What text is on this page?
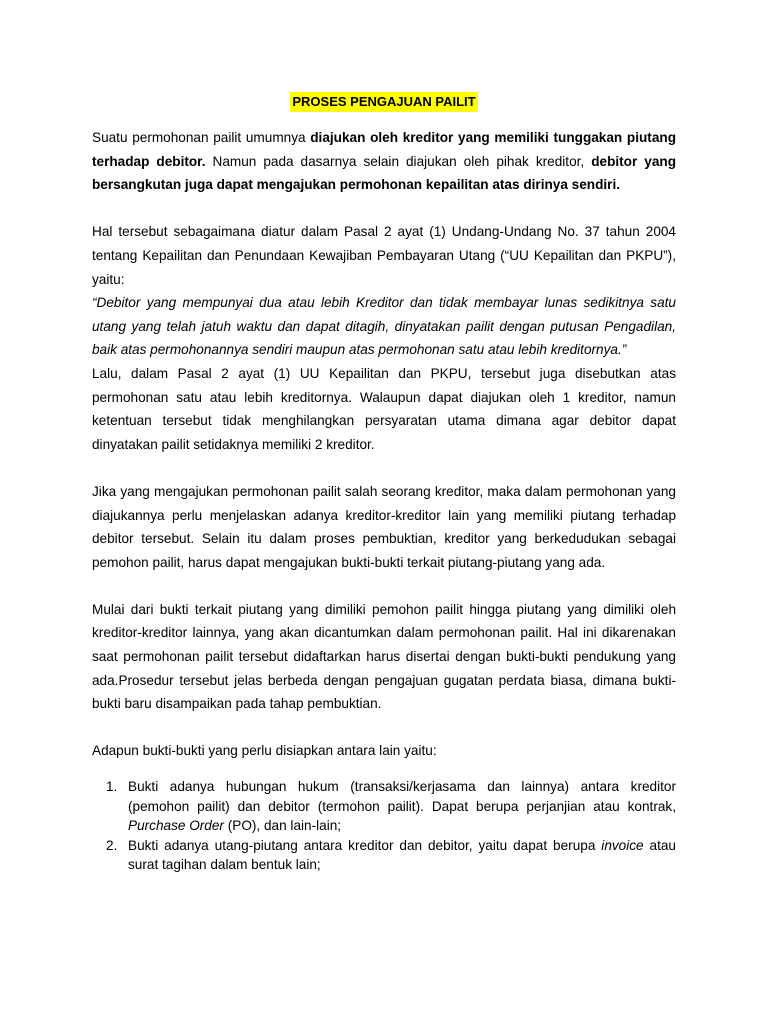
PROSES PENGAJUAN PAILIT

Suatu permohonan pailit umumnya diajukan oleh kreditor yang memiliki tunggakan piutang terhadap debitor. Namun pada dasarnya selain diajukan oleh pihak kreditor, debitor yang bersangkutan juga dapat mengajukan permohonan kepailitan atas dirinya sendiri.

Hal tersebut sebagaimana diatur dalam Pasal 2 ayat (1) Undang-Undang No. 37 tahun 2004 tentang Kepailitan dan Penundaan Kewajiban Pembayaran Utang (“UU Kepailitan dan PKPU”), yaitu:

“Debitor yang mempunyai dua atau lebih Kreditor dan tidak membayar lunas sedikitnya satu utang yang telah jatuh waktu dan dapat ditagih, dinyatakan pailit dengan putusan Pengadilan, baik atas permohonannya sendiri maupun atas permohonan satu atau lebih kreditornya.”

Lalu, dalam Pasal 2 ayat (1) UU Kepailitan dan PKPU, tersebut juga disebutkan atas permohonan satu atau lebih kreditornya. Walaupun dapat diajukan oleh 1 kreditor, namun ketentuan tersebut tidak menghilangkan persyaratan utama dimana agar debitor dapat dinyatakan pailit setidaknya memiliki 2 kreditor.

Jika yang mengajukan permohonan pailit salah seorang kreditor, maka dalam permohonan yang diajukannya perlu menjelaskan adanya kreditor-kreditor lain yang memiliki piutang terhadap debitor tersebut. Selain itu dalam proses pembuktian, kreditor yang berkedudukan sebagai pemohon pailit, harus dapat mengajukan bukti-bukti terkait piutang-piutang yang ada.

Mulai dari bukti terkait piutang yang dimiliki pemohon pailit hingga piutang yang dimiliki oleh kreditor-kreditor lainnya, yang akan dicantumkan dalam permohonan pailit. Hal ini dikarenakan saat permohonan pailit tersebut didaftarkan harus disertai dengan bukti-bukti pendukung yang ada.Prosedur tersebut jelas berbeda dengan pengajuan gugatan perdata biasa, dimana bukti-bukti baru disampaikan pada tahap pembuktian.

Adapun bukti-bukti yang perlu disiapkan antara lain yaitu:

1. Bukti adanya hubungan hukum (transaksi/kerjasama dan lainnya) antara kreditor (pemohon pailit) dan debitor (termohon pailit). Dapat berupa perjanjian atau kontrak, Purchase Order (PO), dan lain-lain;
2. Bukti adanya utang-piutang antara kreditor dan debitor, yaitu dapat berupa invoice atau surat tagihan dalam bentuk lain;
